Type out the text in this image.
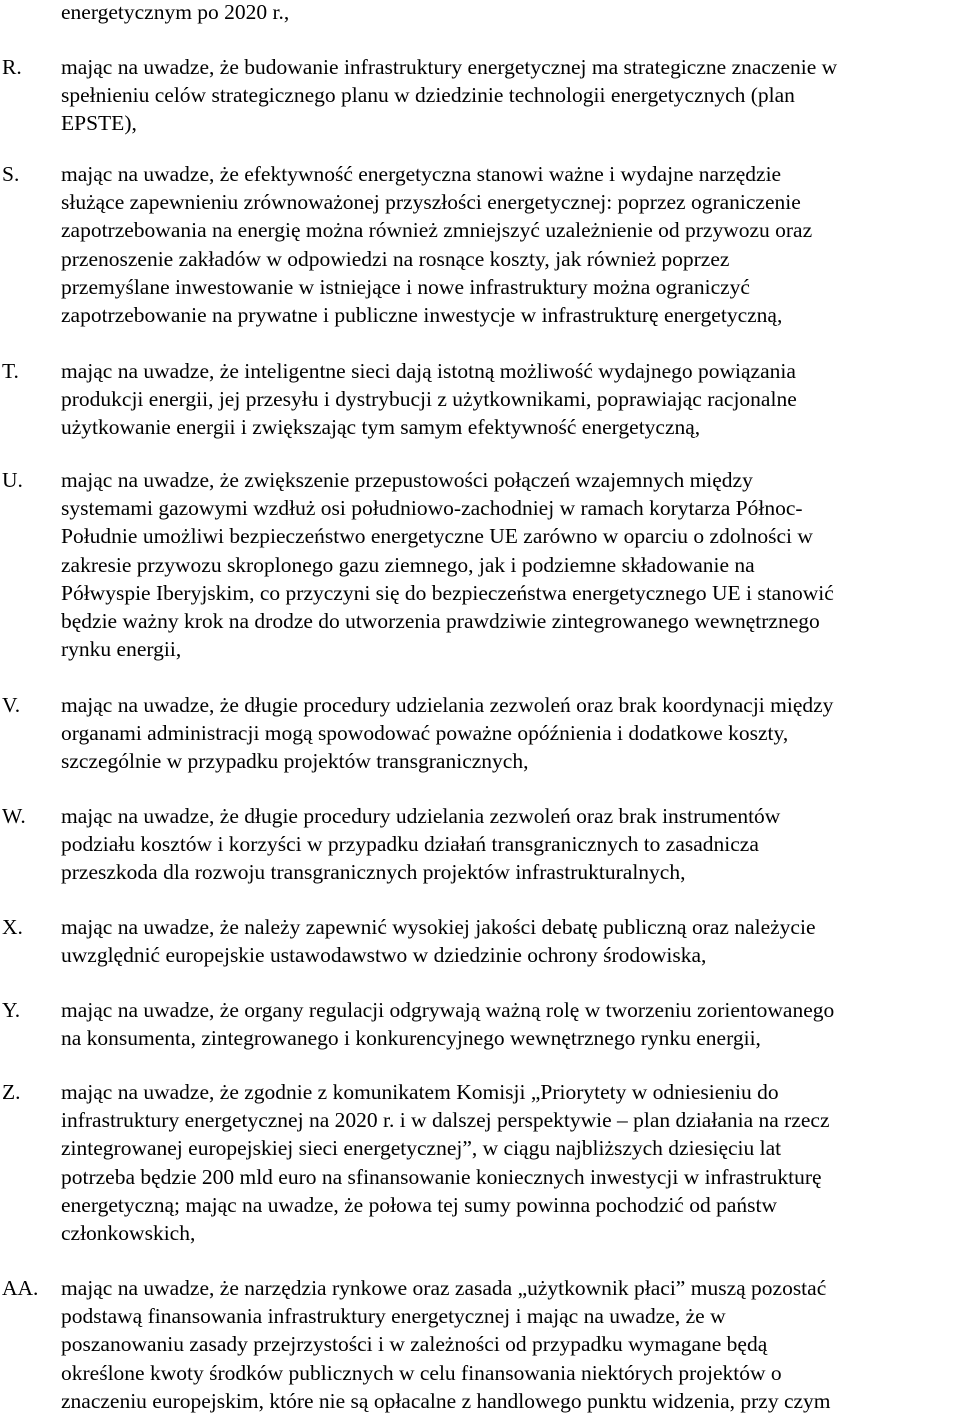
energetycznym po 2020 r.,
R. mając na uwadze, że budowanie infrastruktury energetycznej ma strategiczne znaczenie w
spełnieniu celów strategicznego planu w dziedzinie technologii energetycznych (plan
EPSTE),
S. mając na uwadze, że efektywność energetyczna stanowi ważne i wydajne narzędzie
służące zapewnieniu zrównoważonej przyszłości energetycznej: poprzez ograniczenie
zapotrzebowania na energię można również zmniejszyć uzależnienie od przywozu oraz
przenoszenie zakładów w odpowiedzi na rosnące koszty, jak również poprzez
przemyślane inwestowanie w istniejące i nowe infrastruktury można ograniczyć
zapotrzebowanie na prywatne i publiczne inwestycje w infrastrukturę energetyczną,
T. mając na uwadze, że inteligentne sieci dają istotną możliwość wydajnego powiązania
produkcji energii, jej przesyłu i dystrybucji z użytkownikami, poprawiając racjonalne
użytkowanie energii i zwiększając tym samym efektywność energetyczną,
U. mając na uwadze, że zwiększenie przepustowości połączeń wzajemnych między
systemami gazowymi wzdłuż osi południowo-zachodniej w ramach korytarza Północ-
Południe umożliwi bezpieczeństwo energetyczne UE zarówno w oparciu o zdolności w
zakresie przywozu skroplonego gazu ziemnego, jak i podziemne składowanie na
Półwyspie Iberyjskim, co przyczyni się do bezpieczeństwa energetycznego UE i stanowić
będzie ważny krok na drodze do utworzenia prawdziwie zintegrowanego wewnętrznego
rynku energii,
V. mając na uwadze, że długie procedury udzielania zezwoleń oraz brak koordynacji między
organami administracji mogą spowodować poważne opóźnienia i dodatkowe koszty,
szczególnie w przypadku projektów transgranicznych,
W. mając na uwadze, że długie procedury udzielania zezwoleń oraz brak instrumentów
podziału kosztów i korzyści w przypadku działań transgranicznych to zasadnicza
przeszkoda dla rozwoju transgranicznych projektów infrastrukturalnych,
X. mając na uwadze, że należy zapewnić wysokiej jakości debatę publiczną oraz należycie
uwzględnić europejskie ustawodawstwo w dziedzinie ochrony środowiska,
Y. mając na uwadze, że organy regulacji odgrywają ważną rolę w tworzeniu zorientowanego
na konsumenta, zintegrowanego i konkurencyjnego wewnętrznego rynku energii,
Z. mając na uwadze, że zgodnie z komunikatem Komisji „Priorytety w odniesieniu do
infrastruktury energetycznej na 2020 r. i w dalszej perspektywie – plan działania na rzecz
zintegrowanej europejskiej sieci energetycznej”, w ciągu najbliższych dziesięciu lat
potrzeba będzie 200 mld euro na sfinansowanie koniecznych inwestycji w infrastrukturę
energetyczną; mając na uwadze, że połowa tej sumy powinna pochodzić od państw
członkowskich,
AA. mając na uwadze, że narzędzia rynkowe oraz zasada „użytkownik płaci” muszą pozostać
podstawą finansowania infrastruktury energetycznej i mając na uwadze, że w
poszanowaniu zasady przejrzystości i w zależności od przypadku wymagane będą
określone kwoty środków publicznych w celu finansowania niektórych projektów o
znaczeniu europejskim, które nie są opłacalne z handlowego punktu widzenia, przy czym
